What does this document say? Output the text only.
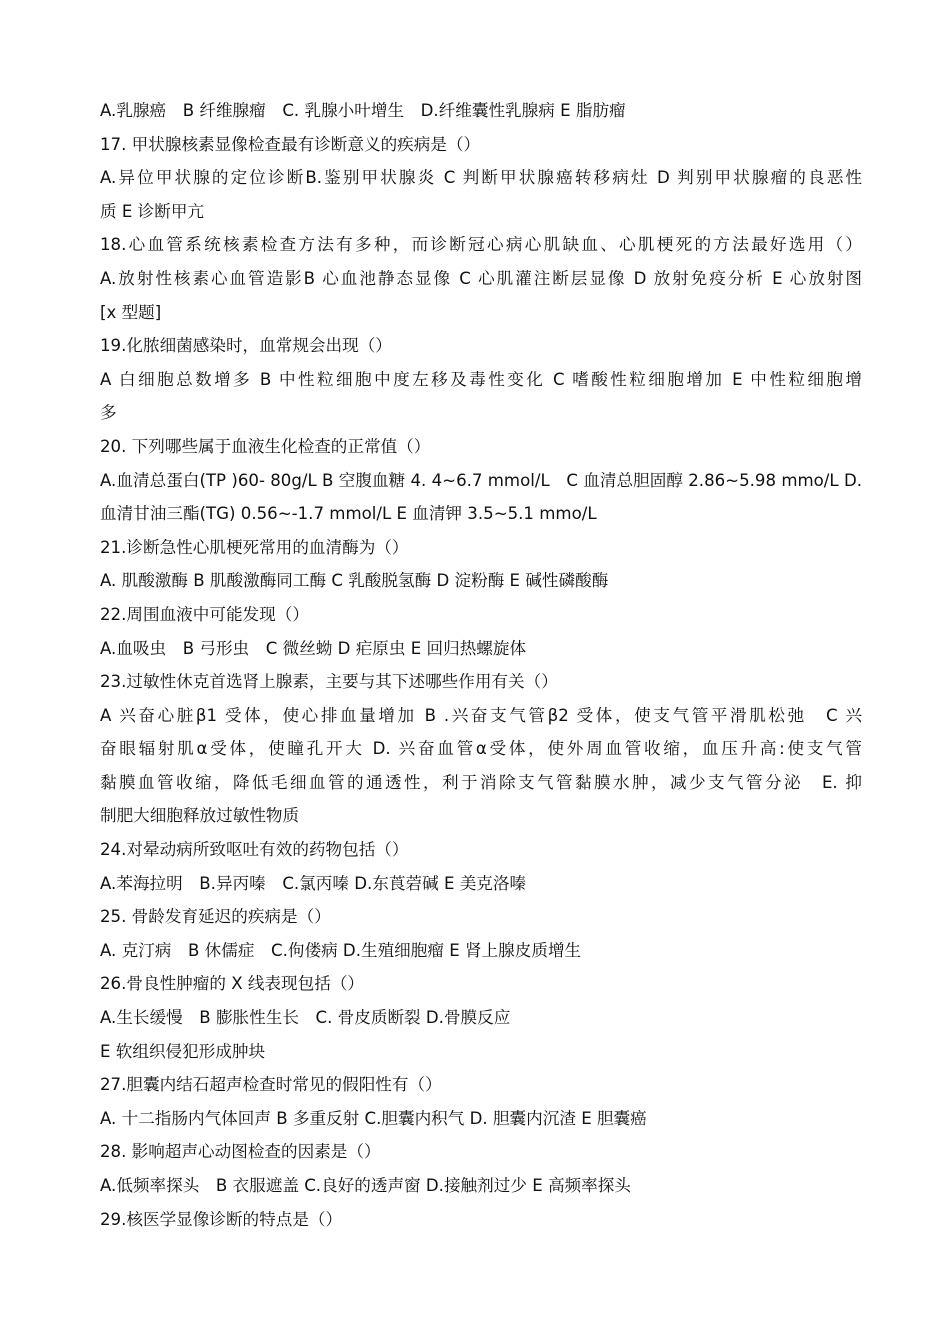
A.乳腺癌　B 纤维腺瘤　C. 乳腺小叶增生　D.纤维囊性乳腺病 E 脂肪瘤
17. 甲状腺核素显像检查最有诊断意义的疾病是（）
A.异位甲状腺的定位诊断B.鉴别甲状腺炎 C 判断甲状腺癌转移病灶 D 判别甲状腺瘤的良恶性
质 E 诊断甲亢
18.心血管系统核素检查方法有多种，而诊断冠心病心肌缺血、心肌梗死的方法最好选用（）
A.放射性核素心血管造影B 心血池静态显像 C 心肌灌注断层显像 D 放射免疫分析 E 心放射图
[x 型题]
19.化脓细菌感染时，血常规会出现（）
A 白细胞总数增多 B 中性粒细胞中度左移及毒性变化 C 嗜酸性粒细胞增加 E 中性粒细胞增
多
20. 下列哪些属于血液生化检查的正常值（）
A.血清总蛋白(TP )60- 80g/L B 空腹血糖 4. 4~6.7 mmol/L　C 血清总胆固醇 2.86~5.98 mmo/L D.
血清甘油三酯(TG) 0.56~-1.7 mmol/L E 血清钾 3.5~5.1 mmo/L
21.诊断急性心肌梗死常用的血清酶为（）
A. 肌酸激酶 B 肌酸激酶同工酶 C 乳酸脱氢酶 D 淀粉酶 E 碱性磷酸酶
22.周围血液中可能发现（）
A.血吸虫　B 弓形虫　C 微丝蚴 D 疟原虫 E 回归热螺旋体
23.过敏性休克首选肾上腺素，主要与其下述哪些作用有关（）
A 兴奋心脏β1 受体，使心排血量增加 B .兴奋支气管β2 受体，使支气管平滑肌松弛　C 兴
奋眼辐射肌α受体，使瞳孔开大 D. 兴奋血管α受体，使外周血管收缩，血压升高:使支气管
黏膜血管收缩，降低毛细血管的通透性，利于消除支气管黏膜水肿，减少支气管分泌　E. 抑
制肥大细胞释放过敏性物质
24.对晕动病所致呕吐有效的药物包括（）
A.苯海拉明　B.异丙嗪　C.氯丙嗪 D.东莨菪碱 E 美克洛嗪
25. 骨龄发育延迟的疾病是（）
A. 克汀病　B 休儒症　C.佝偻病 D.生殖细胞瘤 E 肾上腺皮质增生
26.骨良性肿瘤的 X 线表现包括（）
A.生长缓慢　B 膨胀性生长　C. 骨皮质断裂 D.骨膜反应
E 软组织侵犯形成肿块
27.胆囊内结石超声检查时常见的假阳性有（）
A. 十二指肠内气体回声 B 多重反射 C.胆囊内积气 D. 胆囊内沉渣 E 胆囊癌
28. 影响超声心动图检查的因素是（）
A.低频率探头　B 衣服遮盖 C.良好的透声窗 D.接触剂过少 E 高频率探头
29.核医学显像诊断的特点是（）
